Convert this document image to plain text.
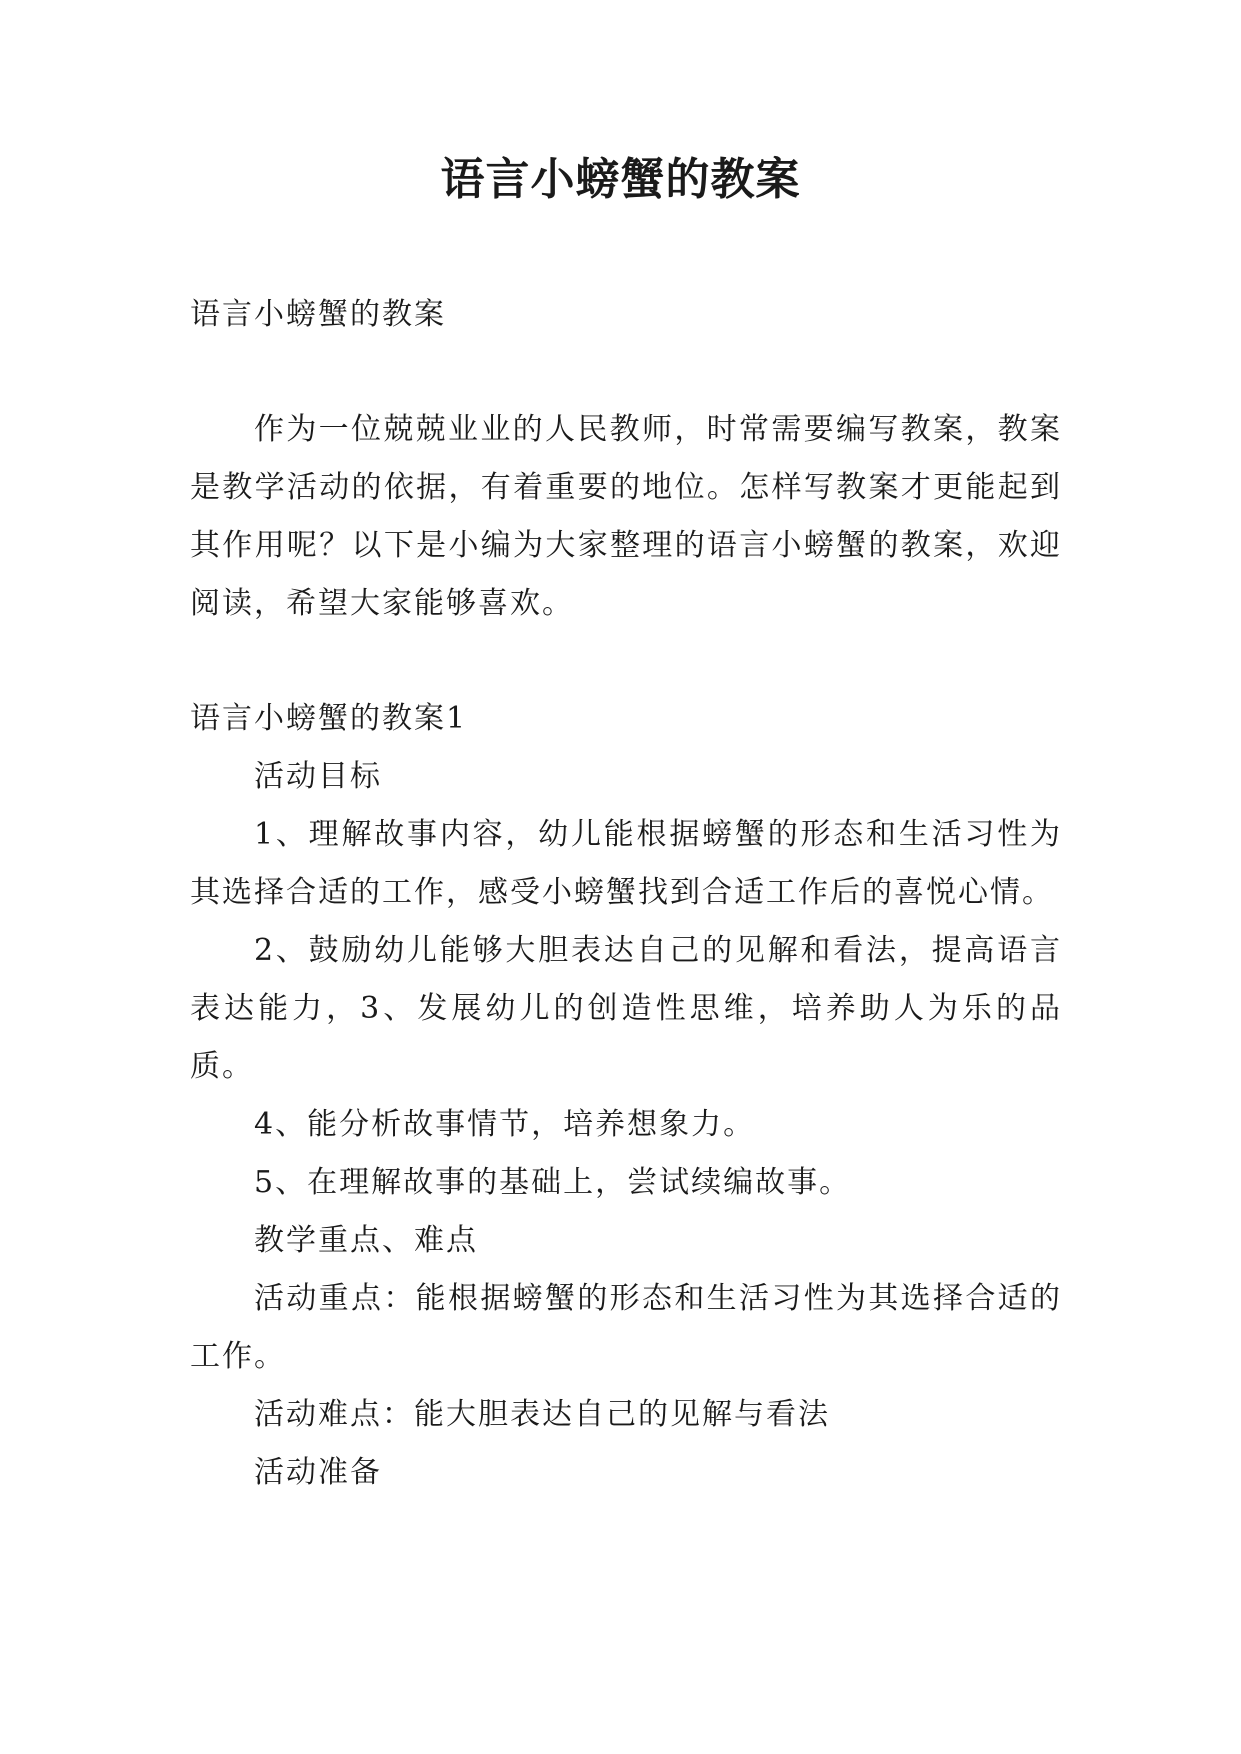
语言小螃蟹的教案

语言小螃蟹的教案

作为一位兢兢业业的人民教师，时常需要编写教案，教案是教学活动的依据，有着重要的地位。怎样写教案才更能起到其作用呢？以下是小编为大家整理的语言小螃蟹的教案，欢迎阅读，希望大家能够喜欢。

语言小螃蟹的教案1

活动目标

1、理解故事内容，幼儿能根据螃蟹的形态和生活习性为其选择合适的工作，感受小螃蟹找到合适工作后的喜悦心情。

2、鼓励幼儿能够大胆表达自己的见解和看法，提高语言表达能力，3、发展幼儿的创造性思维，培养助人为乐的品质。

4、能分析故事情节，培养想象力。

5、在理解故事的基础上，尝试续编故事。

教学重点、难点

活动重点：能根据螃蟹的形态和生活习性为其选择合适的工作。

活动难点：能大胆表达自己的见解与看法

活动准备
